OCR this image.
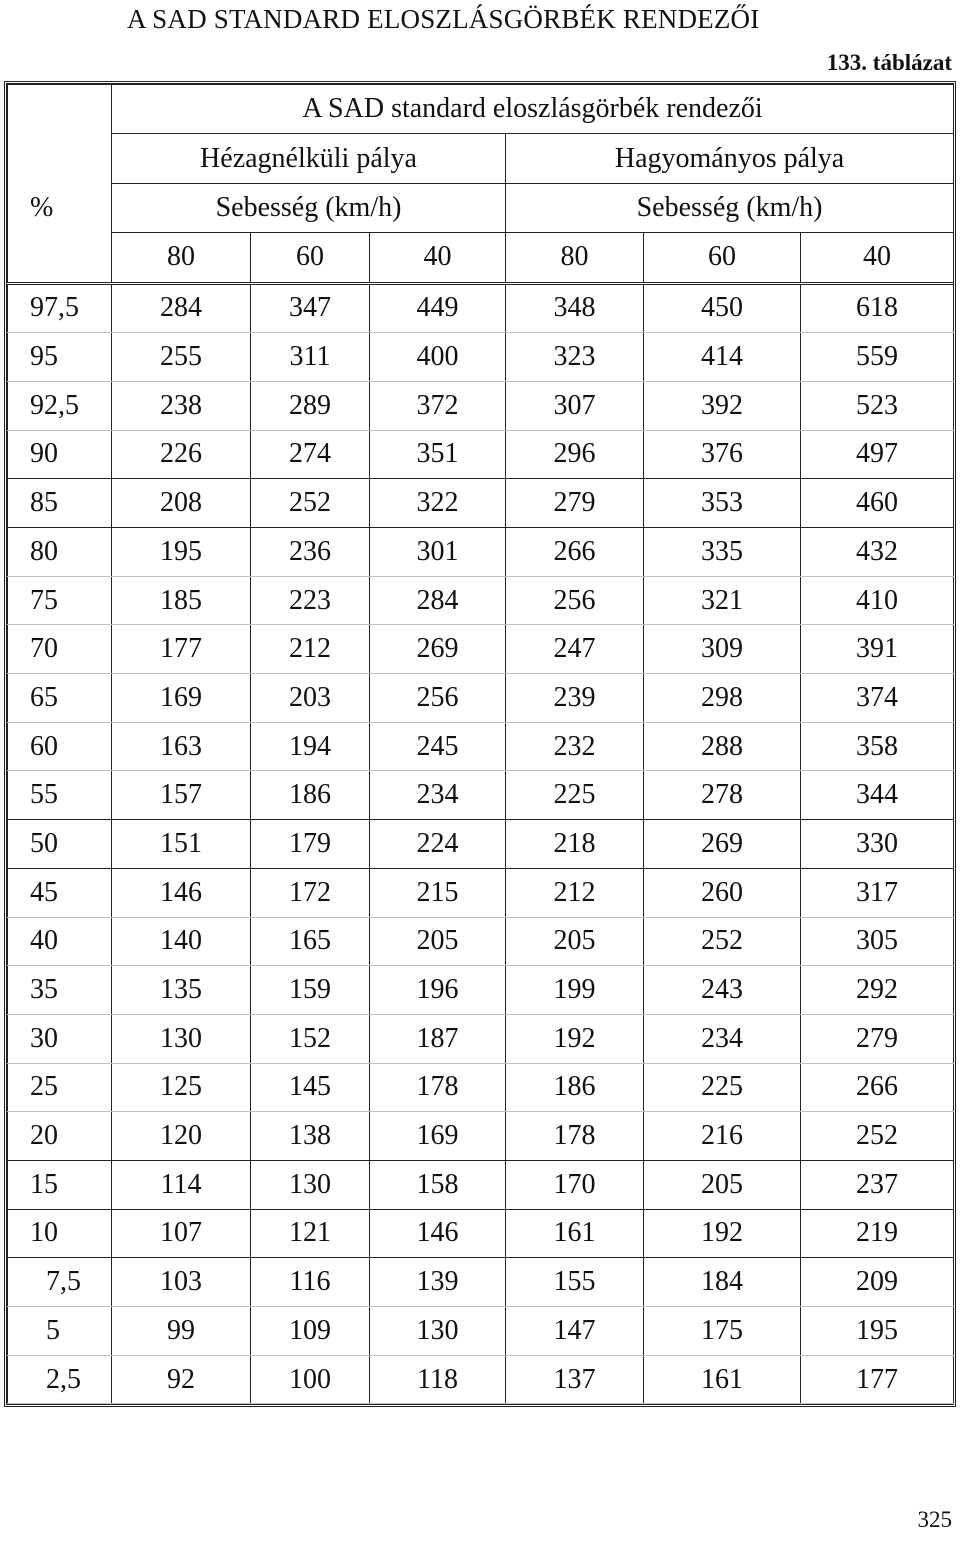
A SAD STANDARD ELOSZLÁSGÖRBÉK RENDEZŐI
133. táblázat
	A SAD standard eloszlásgörbék rendezői					
	Hézagnélküli pálya			Hagyományos pálya		
%	Sebesség (km/h)			Sebesség (km/h)		
	80	60	40	80	60	40
97,5	284	347	449	348	450	618
95	255	311	400	323	414	559
92,5	238	289	372	307	392	523
90	226	274	351	296	376	497
85	208	252	322	279	353	460
80	195	236	301	266	335	432
75	185	223	284	256	321	410
70	177	212	269	247	309	391
65	169	203	256	239	298	374
60	163	194	245	232	288	358
55	157	186	234	225	278	344
50	151	179	224	218	269	330
45	146	172	215	212	260	317
40	140	165	205	205	252	305
35	135	159	196	199	243	292
30	130	152	187	192	234	279
25	125	145	178	186	225	266
20	120	138	169	178	216	252
15	114	130	158	170	205	237
10	107	121	146	161	192	219
7,5	103	116	139	155	184	209
5	99	109	130	147	175	195
2,5	92	100	118	137	161	177
325
